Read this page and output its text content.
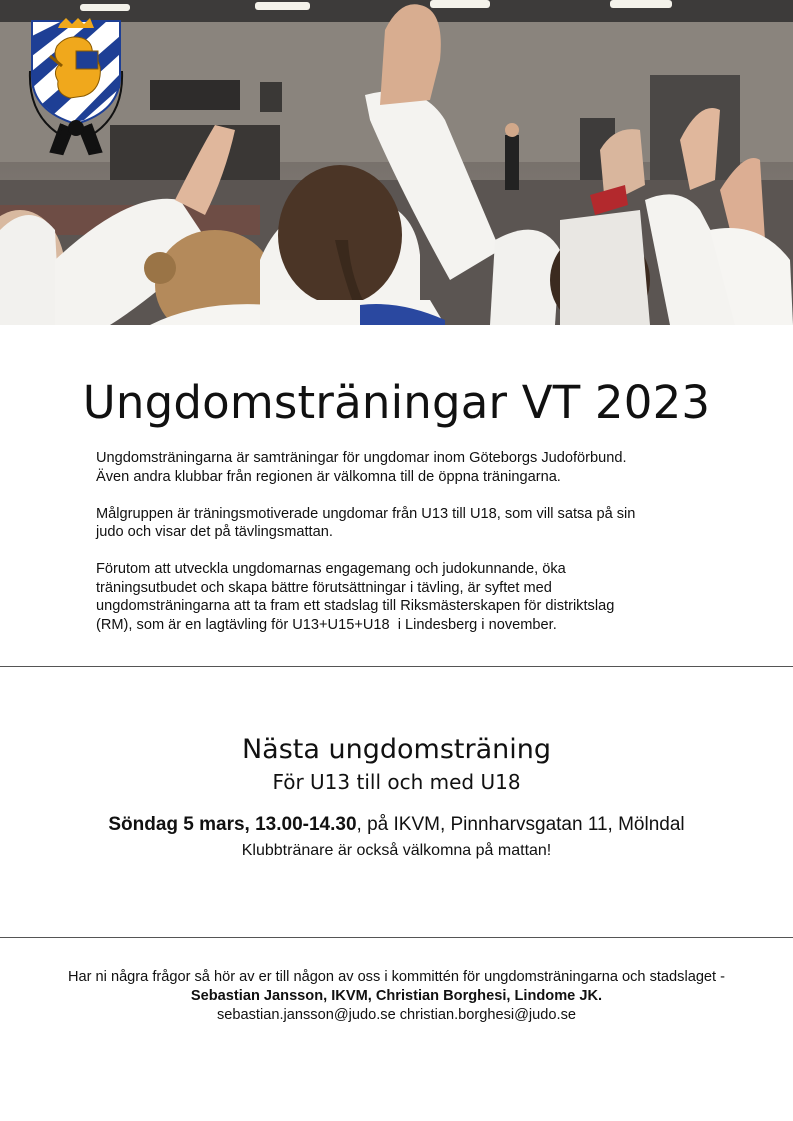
Ungdomsträningar VT 2023

Ungdomsträningarna är samträningar för ungdomar inom Göteborgs Judoförbund.
Även andra klubbar från regionen är välkomna till de öppna träningarna.

Målgruppen är träningsmotiverade ungdomar från U13 till U18, som vill satsa på sin
judo och visar det på tävlingsmattan.

Förutom att utveckla ungdomarnas engagemang och judokunnande, öka
träningsutbudet och skapa bättre förutsättningar i tävling, är syftet med
ungdomsträningarna att ta fram ett stadslag till Riksmästerskapen för distriktslag
(RM), som är en lagtävling för U13+U15+U18  i Lindesberg i november.

Nästa ungdomsträning
För U13 till och med U18
Söndag 5 mars, 13.00-14.30, på IKVM, Pinnharvsgatan 11, Mölndal
Klubbtränare är också välkomna på mattan!
Har ni några frågor så hör av er till någon av oss i kommittén för ungdomsträningarna och stadslaget -
Sebastian Jansson, IKVM, Christian Borghesi, Lindome JK.
sebastian.jansson@judo.se christian.borghesi@judo.se
